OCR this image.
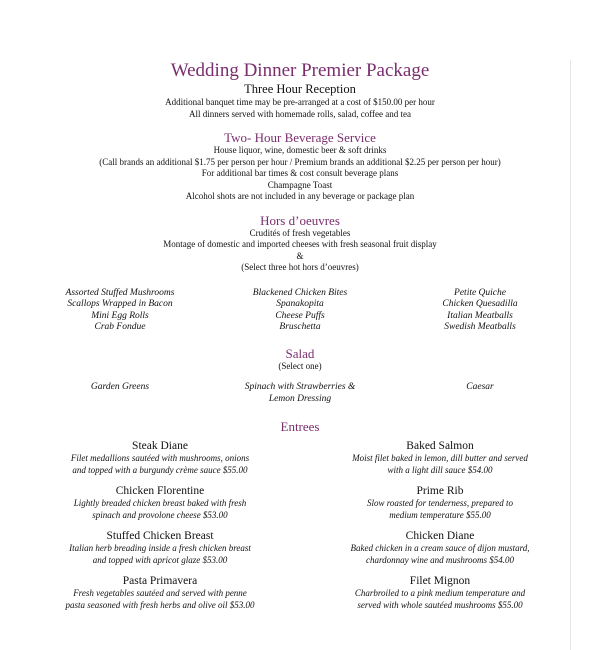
Wedding Dinner Premier Package

Three Hour Reception

Additional banquet time may be pre-arranged at a cost of $150.00 per hour

All dinners served with homemade rolls, salad, coffee and tea

Two- Hour Beverage Service

House liquor, wine, domestic beer & soft drinks

(Call brands an additional $1.75 per person per hour / Premium brands an additional $2.25 per person per hour)

For additional bar times & cost consult beverage plans

Champagne Toast

Alcohol shots are not included in any beverage or package plan

Hors d’oeuvres

Crudités of fresh vegetables

Montage of domestic and imported cheeses with fresh seasonal fruit display

&

(Select three hot hors d’oeuvres)

Assorted Stuffed Mushrooms
Scallops Wrapped in Bacon
Mini Egg Rolls
Crab Fondue
Blackened Chicken Bites
Spanakopita
Cheese Puffs
Bruschetta
Petite Quiche
Chicken Quesadilla
Italian Meatballs
Swedish Meatballs

Salad

(Select one)

Garden Greens	Spinach with Strawberries &
Lemon Dressing
Caesar

Entrees

Steak Diane

Filet medallions sautéed with mushrooms, onions

and topped with a burgundy crème sauce $55.00

Baked Salmon

Moist filet baked in lemon, dill butter and served

with a light dill sauce $54.00

Chicken Florentine

Lightly breaded chicken breast baked with fresh

spinach and provolone cheese $53.00

Prime Rib

Slow roasted for tenderness, prepared to

medium temperature $55.00

Stuffed Chicken Breast

Italian herb breading inside a fresh chicken breast

and topped with apricot glaze $53.00

Chicken Diane

Baked chicken in a cream sauce of dijon mustard,

chardonnay wine and mushrooms $54.00

Pasta Primavera

Fresh vegetables sautéed and served with penne

pasta seasoned with fresh herbs and olive oil $53.00

Filet Mignon

Charbroiled to a pink medium temperature and

served with whole sautéed mushrooms $55.00
